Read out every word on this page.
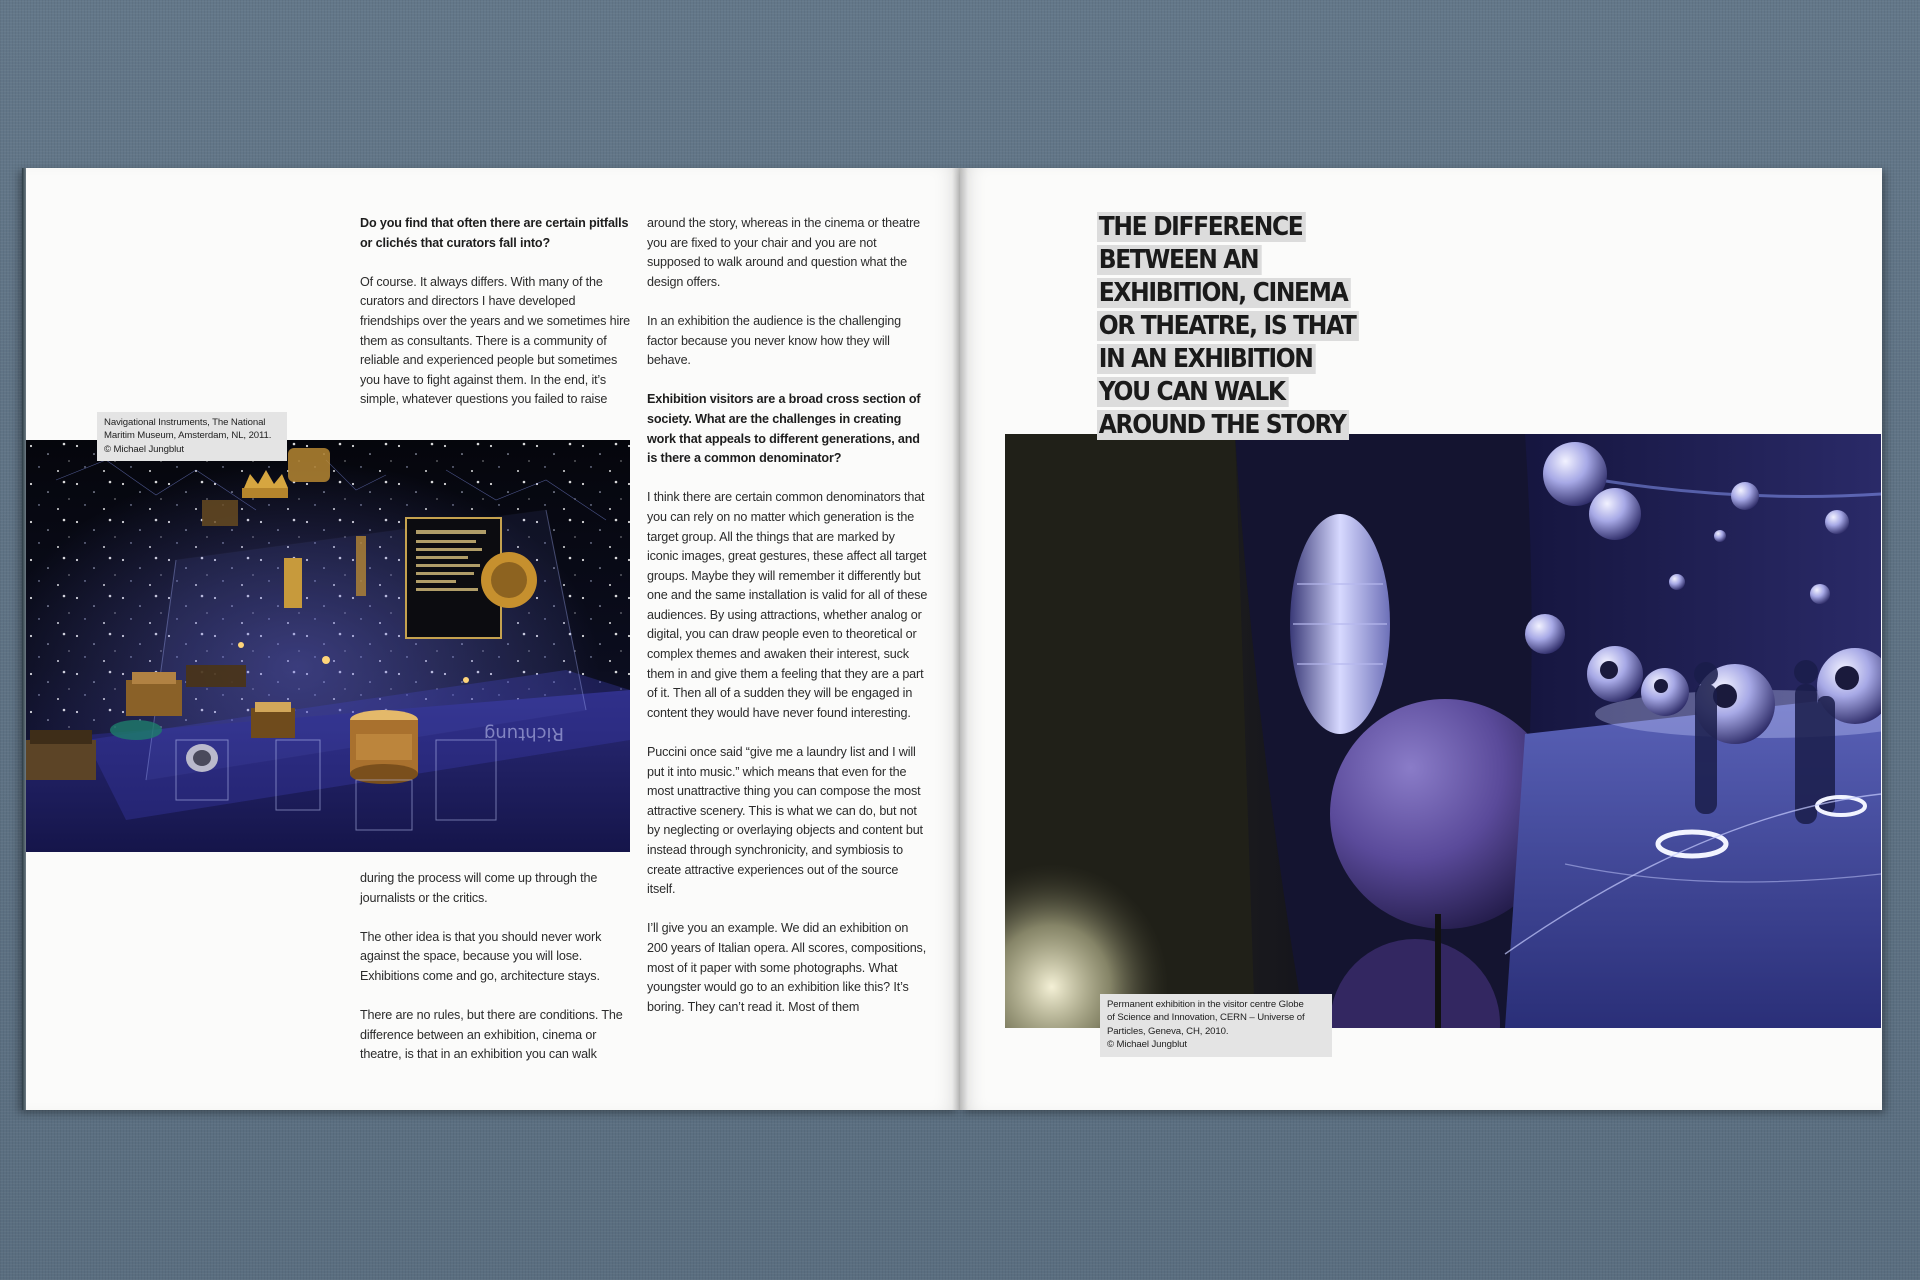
Do you find that often there are certain pitfalls or clichés that curators fall into?

Of course. It always differs. With many of the curators and directors I have developed friendships over the years and we sometimes hire them as consultants. There is a community of reliable and experienced people but sometimes you have to fight against them. In the end, it’s simple, whatever questions you failed to raise

Richtung
Navigational Instruments, The National
Maritim Museum, Amsterdam, NL, 2011.
© Michael Jungblut

during the process will come up through the journalists or the critics.

The other idea is that you should never work against the space, because you will lose. Exhibitions come and go, architecture stays.

There are no rules, but there are conditions. The difference between an exhibition, cinema or theatre, is that in an exhibition you can walk

around the story, whereas in the cinema or theatre you are fixed to your chair and you are not supposed to walk around and question what the design offers.

In an exhibition the audience is the challenging factor because you never know how they will behave.

Exhibition visitors are a broad cross section of society. What are the challenges in creating work that appeals to different generations, and is there a common denominator?

I think there are certain common denominators that you can rely on no matter which generation is the target group. All the things that are marked by iconic images, great gestures, these affect all target groups. Maybe they will remember it differently but one and the same installation is valid for all of these audiences. By using attractions, whether analog or digital, you can draw people even to theoretical or complex themes and awaken their interest, suck them in and give them a feeling that they are a part of it. Then all of a sudden they will be engaged in content they would have never found interesting.

Puccini once said “give me a laundry list and I will put it into music.” which means that even for the most unattractive thing you can compose the most attractive scenery. This is what we can do, but not by neglecting or overlaying objects and content but instead through synchronicity, and symbiosis to create attractive experiences out of the source itself.

I’ll give you an example. We did an exhibition on 200 years of Italian opera. All scores, compositions, most of it paper with some photographs. What youngster would go to an exhibition like this? It’s boring. They can’t read it. Most of them

THE DIFFERENCE
BETWEEN AN
EXHIBITION, CINEMA
OR THEATRE, IS THAT
IN AN EXHIBITION
YOU CAN WALK
AROUND THE STORY
Permanent exhibition in the visitor centre Globe
of Science and Innovation, CERN – Universe of
Particles, Geneva, CH, 2010.
© Michael Jungblut
